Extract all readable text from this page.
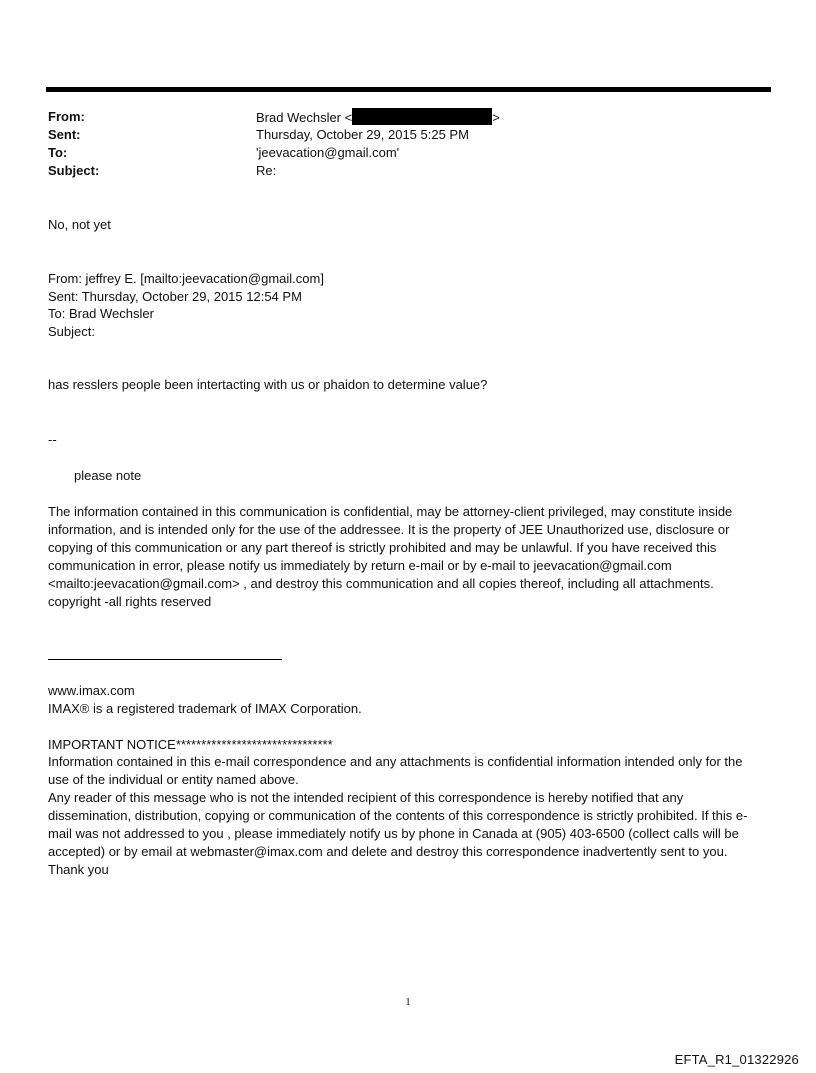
From:	Brad Wechsler <	>
Sent:	Thursday, October 29, 2015 5:25 PM
To:	'jeevacation@gmail.com'
Subject:	Re:
No, not yet
From: jeffrey E. [mailto:jeevacation@gmail.com]
Sent: Thursday, October 29, 2015 12:54 PM
To: Brad Wechsler
Subject:
has resslers people been intertacting with us or phaidon to determine value?
--
please note
The information contained in this communication is confidential, may be attorney-client privileged, may constitute inside information, and is intended only for the use of the addressee. It is the property of JEE Unauthorized use, disclosure or copying of this communication or any part thereof is strictly prohibited and may be unlawful. If you have received this communication in error, please notify us immediately by return e-mail or by e-mail to jeevacation@gmail.com <mailto:jeevacation@gmail.com> , and destroy this communication and all copies thereof, including all attachments. copyright -all rights reserved
www.imax.com
IMAX® is a registered trademark of IMAX Corporation.
IMPORTANT NOTICE*******************************
Information contained in this e-mail correspondence and any attachments is confidential information intended only for the use of the individual or entity named above.
Any reader of this message who is not the intended recipient of this correspondence is hereby notified that any dissemination, distribution, copying or communication of the contents of this correspondence is strictly prohibited. If this e-mail was not addressed to you , please immediately notify us by phone in Canada at (905) 403-6500 (collect calls will be accepted) or by email at webmaster@imax.com and delete and destroy this correspondence inadvertently sent to you. Thank you
1
EFTA_R1_01322926
